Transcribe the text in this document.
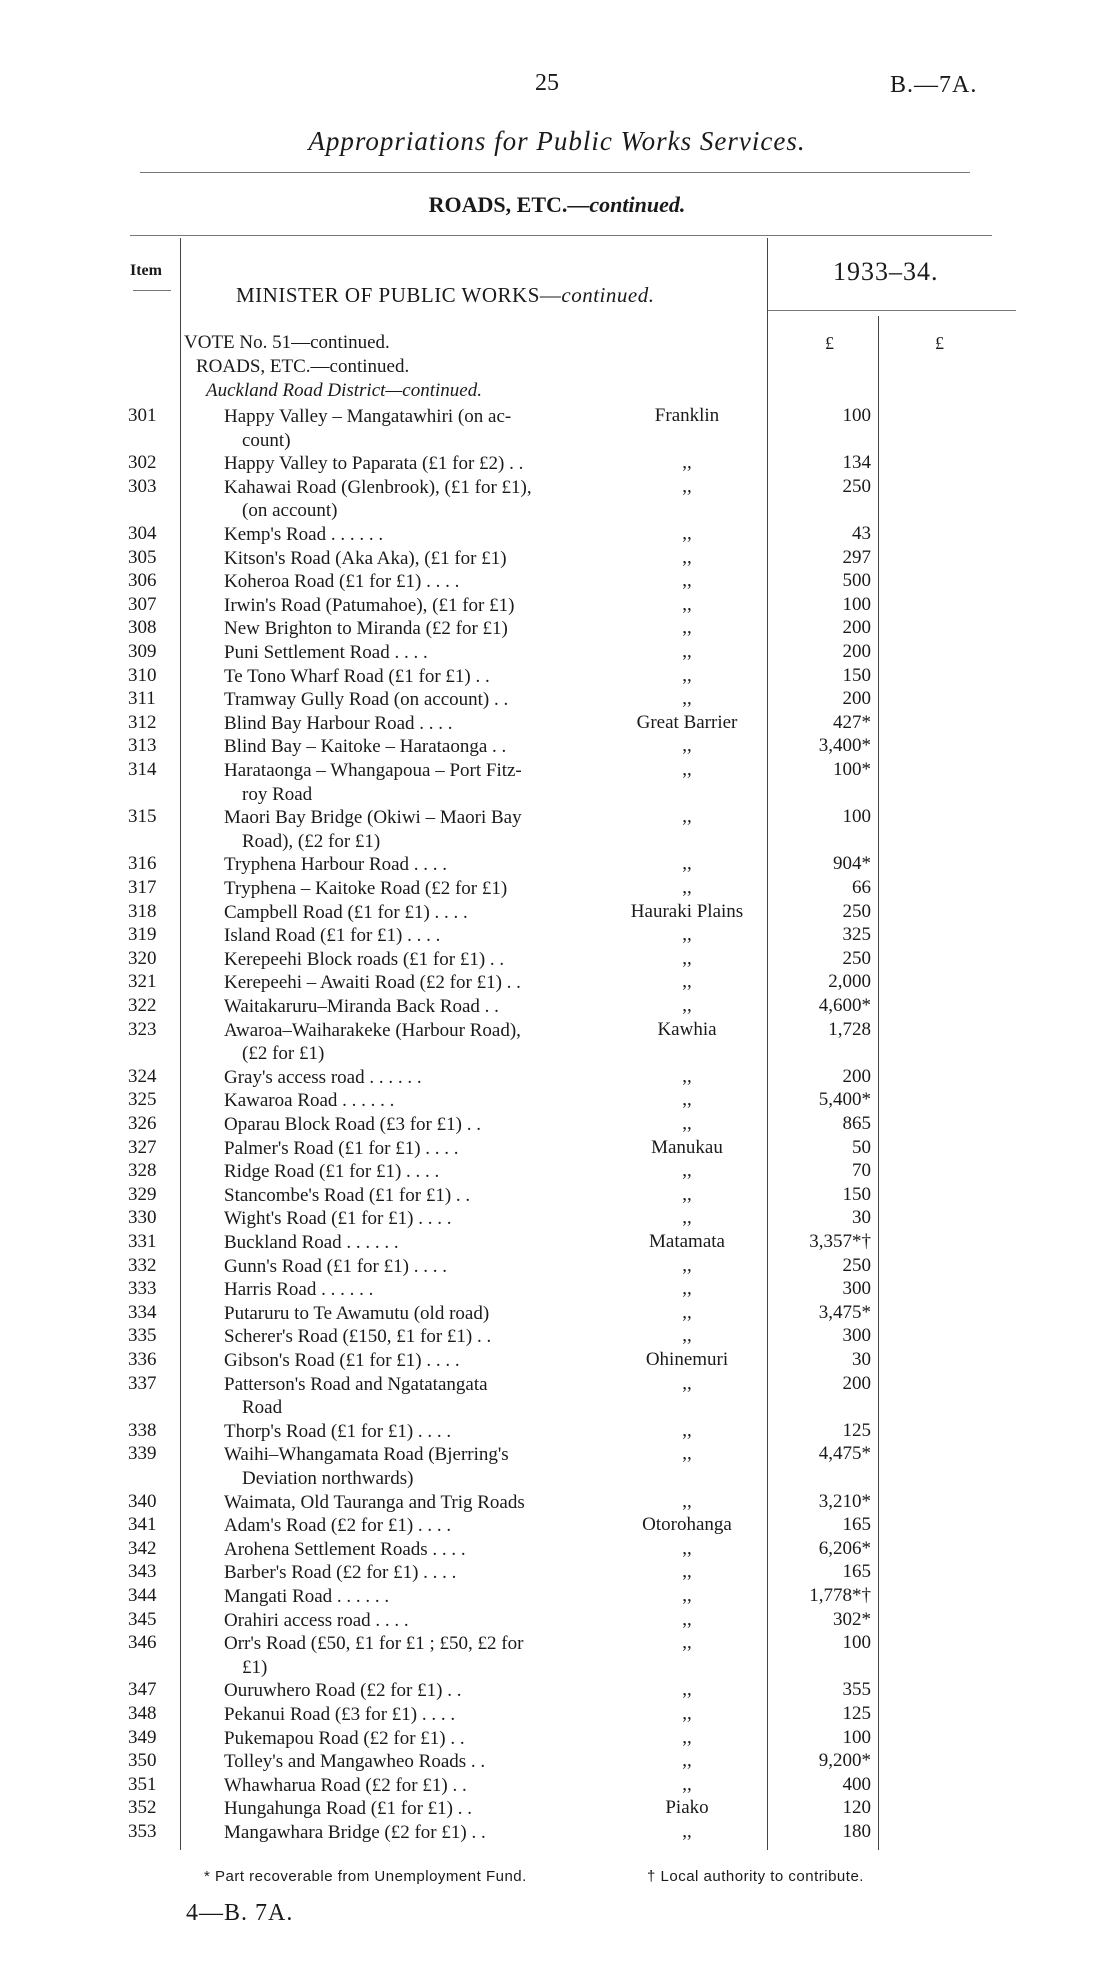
25	B.—7A.
Appropriations for Public Works Services.
ROADS, ETC.—continued.
Item
MINISTER OF PUBLIC WORKS—continued.
1933–34.
£	£
VOTE No. 51—continued.
ROADS, ETC.—continued.
Auckland Road District—continued.
301	Happy Valley – Mangatawhiri (on ac-
count)
Franklin	100
302	Happy Valley to Paparata (£1 for £2) . .	,,	134
303	Kahawai Road (Glenbrook), (£1 for £1),
(on account)
,,	250
304	Kemp's Road . . . . . .	,,	43
305	Kitson's Road (Aka Aka), (£1 for £1)	,,	297
306	Koheroa Road (£1 for £1) . . . .	,,	500
307	Irwin's Road (Patumahoe), (£1 for £1)	,,	100
308	New Brighton to Miranda (£2 for £1)	,,	200
309	Puni Settlement Road . . . .	,,	200
310	Te Tono Wharf Road (£1 for £1) . .	,,	150
311	Tramway Gully Road (on account) . .	,,	200
312	Blind Bay Harbour Road . . . .	Great Barrier	427*
313	Blind Bay – Kaitoke – Harataonga . .	,,	3,400*
314	Harataonga – Whangapoua – Port Fitz-
roy Road
,,	100*
315	Maori Bay Bridge (Okiwi – Maori Bay
Road), (£2 for £1)
,,	100
316	Tryphena Harbour Road . . . .	,,	904*
317	Tryphena – Kaitoke Road (£2 for £1)	,,	66
318	Campbell Road (£1 for £1) . . . .	Hauraki Plains	250
319	Island Road (£1 for £1) . . . .	,,	325
320	Kerepeehi Block roads (£1 for £1) . .	,,	250
321	Kerepeehi – Awaiti Road (£2 for £1) . .	,,	2,000
322	Waitakaruru–Miranda Back Road . .	,,	4,600*
323	Awaroa–Waiharakeke (Harbour Road),
(£2 for £1)
Kawhia	1,728
324	Gray's access road . . . . . .	,,	200
325	Kawaroa Road . . . . . .	,,	5,400*
326	Oparau Block Road (£3 for £1) . .	,,	865
327	Palmer's Road (£1 for £1) . . . .	Manukau	50
328	Ridge Road (£1 for £1) . . . .	,,	70
329	Stancombe's Road (£1 for £1) . .	,,	150
330	Wight's Road (£1 for £1) . . . .	,,	30
331	Buckland Road . . . . . .	Matamata	3,357*†
332	Gunn's Road (£1 for £1) . . . .	,,	250
333	Harris Road . . . . . .	,,	300
334	Putaruru to Te Awamutu (old road)	,,	3,475*
335	Scherer's Road (£150, £1 for £1) . .	,,	300
336	Gibson's Road (£1 for £1) . . . .	Ohinemuri	30
337	Patterson's Road and Ngatatangata
Road
,,	200
338	Thorp's Road (£1 for £1) . . . .	,,	125
339	Waihi–Whangamata Road (Bjerring's
Deviation northwards)
,,	4,475*
340	Waimata, Old Tauranga and Trig Roads	,,	3,210*
341	Adam's Road (£2 for £1) . . . .	Otorohanga	165
342	Arohena Settlement Roads . . . .	,,	6,206*
343	Barber's Road (£2 for £1) . . . .	,,	165
344	Mangati Road . . . . . .	,,	1,778*†
345	Orahiri access road . . . .	,,	302*
346	Orr's Road (£50, £1 for £1 ; £50, £2 for
£1)
,,	100
347	Ouruwhero Road (£2 for £1) . .	,,	355
348	Pekanui Road (£3 for £1) . . . .	,,	125
349	Pukemapou Road (£2 for £1) . .	,,	100
350	Tolley's and Mangawheo Roads . .	,,	9,200*
351	Whawharua Road (£2 for £1) . .	,,	400
352	Hungahunga Road (£1 for £1) . .	Piako	120
353	Mangawhara Bridge (£2 for £1) . .	,,	180
* Part recoverable from Unemployment Fund.	† Local authority to contribute.
4—B. 7A.
